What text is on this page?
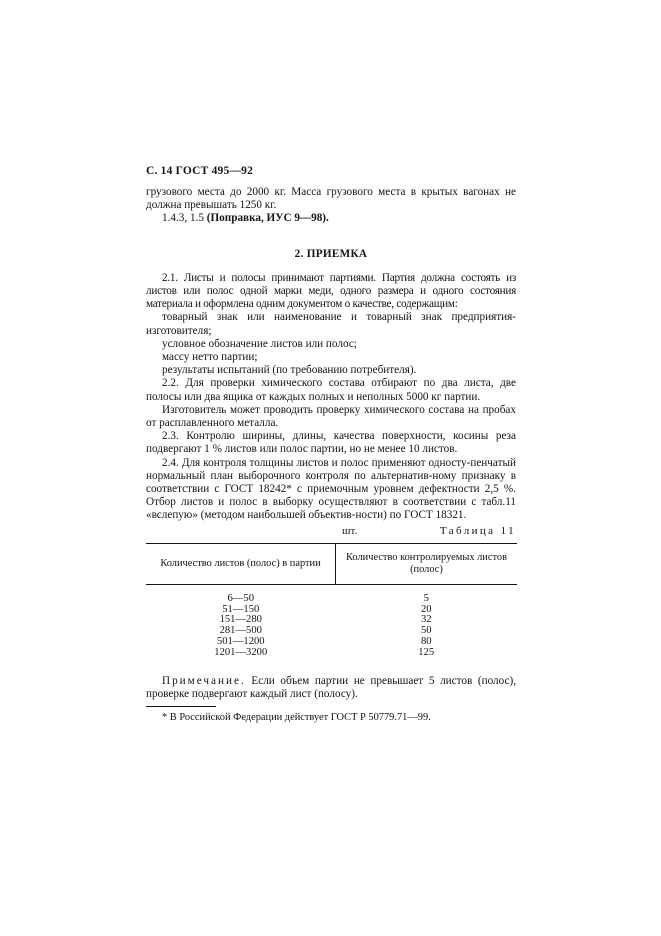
С. 14 ГОСТ 495—92

грузового места до 2000 кг. Масса грузового места в крытых вагонах не должна превышать 1250 кг.

1.4.3, 1.5 (Поправка, ИУС 9—98).

2. ПРИЕМКА

2.1. Листы и полосы принимают партиями. Партия должна состоять из листов или полос одной марки меди, одного размера и одного состояния материала и оформлена одним документом о качестве, содержащим:

товарный знак или наименование и товарный знак предприятия-изготовителя;

условное обозначение листов или полос;

массу нетто партии;

результаты испытаний (по требованию потребителя).

2.2. Для проверки химического состава отбирают по два листа, две полосы или два ящика от каждых полных и неполных 5000 кг партии.

Изготовитель может проводить проверку химического состава на пробах от расплавленного металла.

2.3. Контролю ширины, длины, качества поверхности, косины реза подвергают 1 % листов или полос партии, но не менее 10 листов.

2.4. Для контроля толщины листов и полос применяют односту-пенчатый нормальный план выборочного контроля по альтернатив-ному признаку в соответствии с ГОСТ 18242* с приемочным уровнем дефектности 2,5 %. Отбор листов и полос в выборку осуществляют в соответствии с табл.11 «вслепую» (методом наибольшей объектив-ности) по ГОСТ 18321.

шт.	Таблица 11
Количество листов (полос) в партии	Количество контролируемых листов (полос)
6—50	5
51—150	20
151—280	32
281—500	50
501—1200	80
1201—3200	125

Примечание. Если объем партии не превышает 5 листов (полос), проверке подвергают каждый лист (полосу).

* В Российской Федерации действует ГОСТ Р 50779.71—99.
